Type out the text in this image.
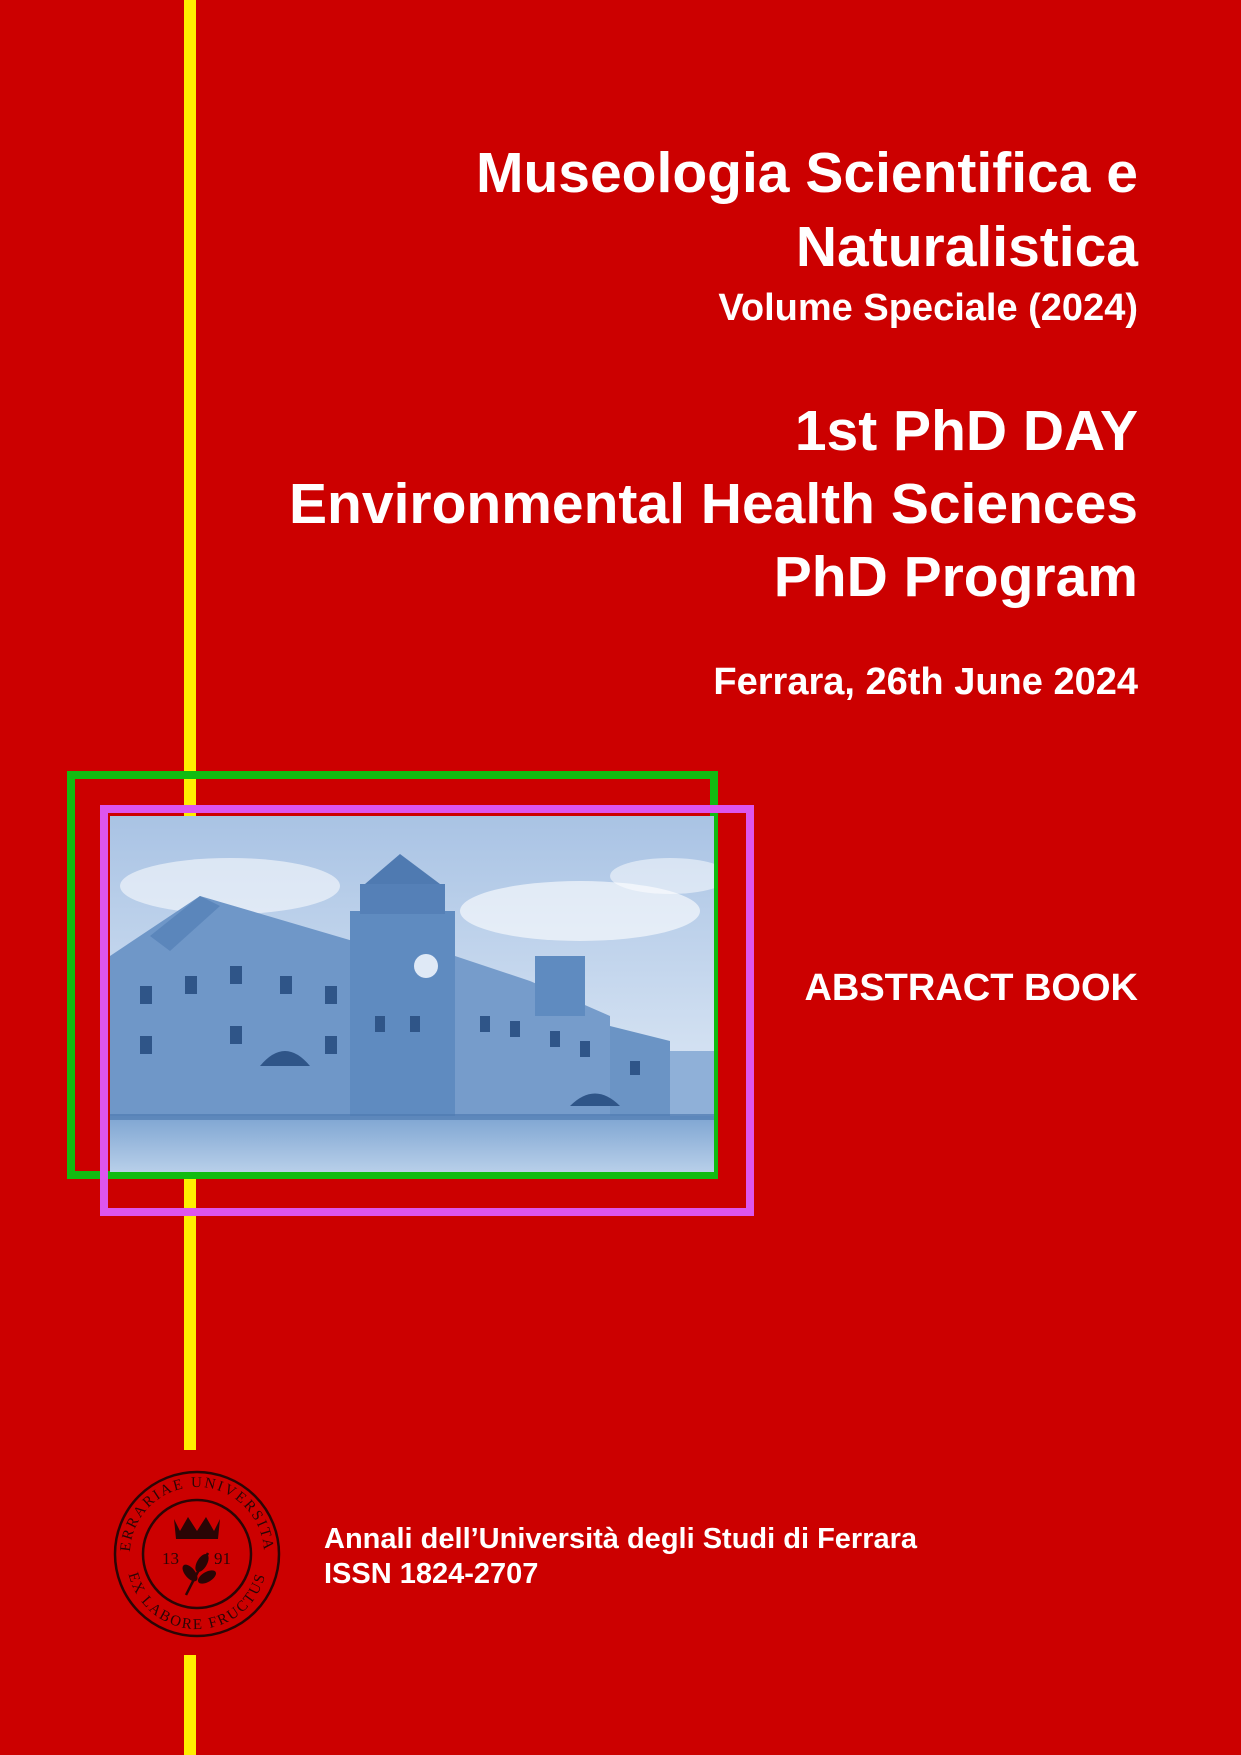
Museologia Scientifica e
Naturalistica
Volume Speciale (2024)
1st PhD DAY
Environmental Health Sciences
PhD Program
Ferrara, 26th June 2024
ABSTRACT BOOK
ERRARIAE UNIVERSITA
EX LABORE FRUCTUS
13 91
Annali dell’Università degli Studi di Ferrara
ISSN 1824-2707
